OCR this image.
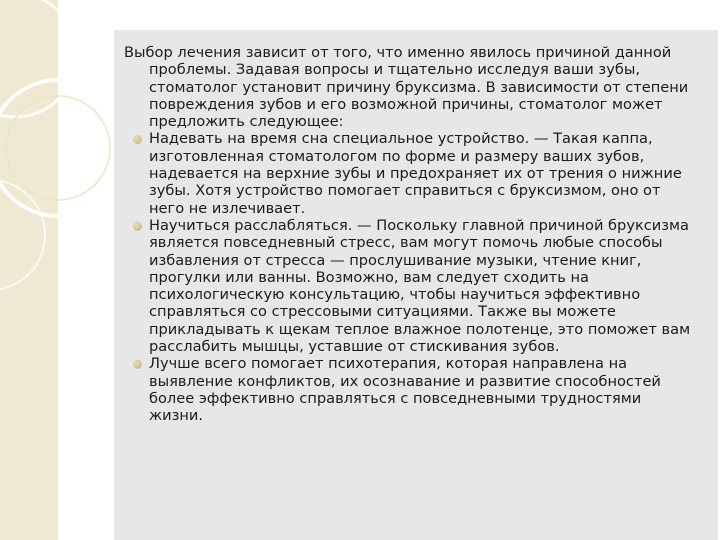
Выбор лечения зависит от того, что именно явилось причиной данной проблемы. Задавая вопросы и тщательно исследуя ваши зубы, стоматолог установит причину бруксизма. В зависимости от степени повреждения зубов и его возможной причины, стоматолог может предложить следующее:
Надевать на время сна специальное устройство. — Такая каппа, изготовленная стоматологом по форме и размеру ваших зубов, надевается на верхние зубы и предохраняет их от трения о нижние зубы. Хотя устройство помогает справиться с бруксизмом, оно от него не излечивает.
Научиться расслабляться. — Поскольку главной причиной бруксизма является повседневный стресс, вам могут помочь любые способы избавления от стресса — прослушивание музыки, чтение книг, прогулки или ванны. Возможно, вам следует сходить на психологическую консультацию, чтобы научиться эффективно справляться со стрессовыми ситуациями. Также вы можете прикладывать к щекам теплое влажное полотенце, это поможет вам расслабить мышцы, уставшие от стискивания зубов.
Лучше всего помогает психотерапия, которая направлена на выявление конфликтов, их осознавание и развитие способностей более эффективно справляться с повседневными трудностями жизни.
